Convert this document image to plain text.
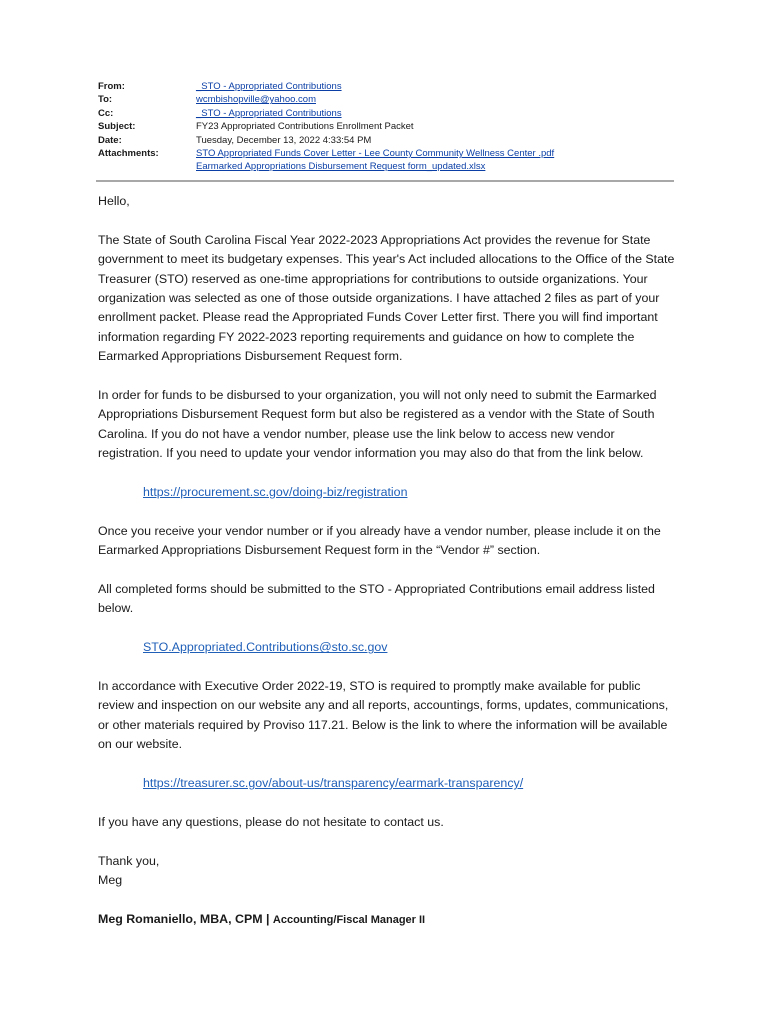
From:	_STO - Appropriated Contributions
To:	wcmbishopville@yahoo.com
Cc:	_STO - Appropriated Contributions
Subject:	FY23 Appropriated Contributions Enrollment Packet
Date:	Tuesday, December 13, 2022 4:33:54 PM
Attachments:	STO Appropriated Funds Cover Letter - Lee County Community Wellness Center .pdf
Earmarked Appropriations Disbursement Request form_updated.xlsx

Hello,

The State of South Carolina Fiscal Year 2022-2023 Appropriations Act provides the revenue for State government to meet its budgetary expenses. This year's Act included allocations to the Office of the State Treasurer (STO) reserved as one-time appropriations for contributions to outside organizations. Your organization was selected as one of those outside organizations. I have attached 2 files as part of your enrollment packet. Please read the Appropriated Funds Cover Letter first. There you will find important information regarding FY 2022-2023 reporting requirements and guidance on how to complete the Earmarked Appropriations Disbursement Request form.

In order for funds to be disbursed to your organization, you will not only need to submit the Earmarked Appropriations Disbursement Request form but also be registered as a vendor with the State of South Carolina. If you do not have a vendor number, please use the link below to access new vendor registration. If you need to update your vendor information you may also do that from the link below.

https://procurement.sc.gov/doing-biz/registration

Once you receive your vendor number or if you already have a vendor number, please include it on the Earmarked Appropriations Disbursement Request form in the “Vendor #” section.

All completed forms should be submitted to the STO - Appropriated Contributions email address listed below.

STO.Appropriated.Contributions@sto.sc.gov

In accordance with Executive Order 2022-19, STO is required to promptly make available for public review and inspection on our website any and all reports, accountings, forms, updates, communications, or other materials required by Proviso 117.21. Below is the link to where the information will be available on our website.

https://treasurer.sc.gov/about-us/transparency/earmark-transparency/

If you have any questions, please do not hesitate to contact us.

Thank you,
Meg

Meg Romaniello, MBA, CPM | Accounting/Fiscal Manager II
